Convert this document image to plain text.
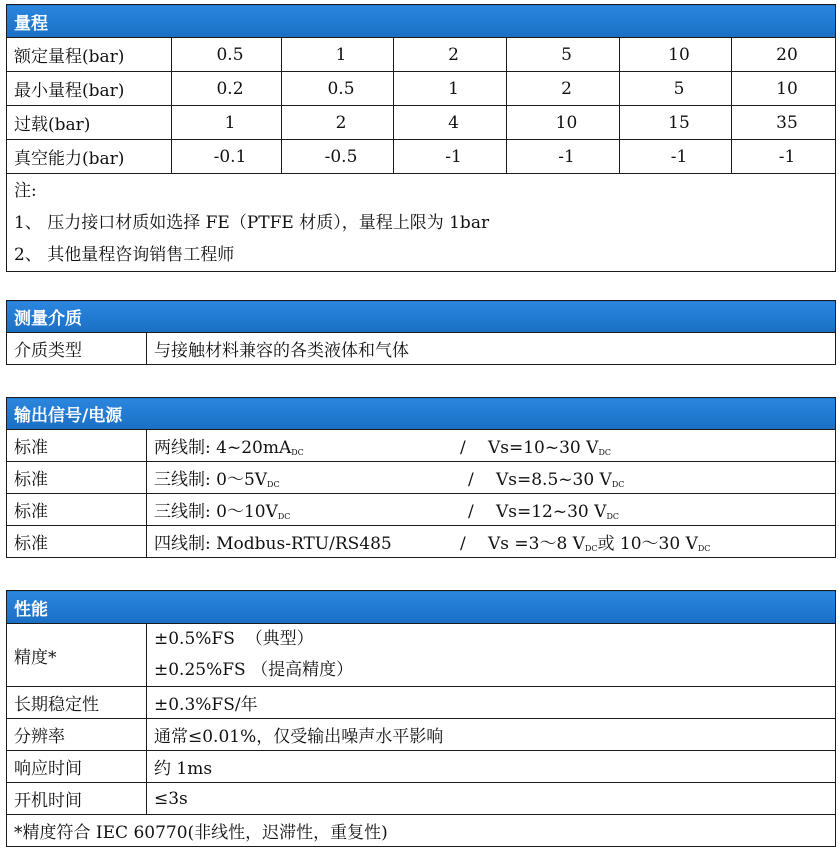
量程						
额定量程(bar)	0.5	1	2	5	10	20
最小量程(bar)	0.2	0.5	1	2	5	10
过载(bar)	1	2	4	10	15	35
真空能力(bar)	-0.1	-0.5	-1	-1	-1	-1

注:
1、 压力接口材质如选择 FE（PTFE 材质），量程上限为 1bar
2、 其他量程咨询销售工程师						
测量介质
介质类型	与接触材料兼容的各类液体和气体
输出信号/电源	
标准	两线制: $4\sim 20mA_{DC}$ / Vs=10~30 $V_{DC}$
标准	三线制: $0\sim 5V_{DC}$ / Vs=8.5~30 $V_{DC}$
标准	三线制: $0\sim 10V_{DC}$ / Vs=12~30 $V_{DC}$
标准	四线制: Modbus-RTU/RS485 / Vs =3～8 $V_{DC}$或 10～30 $V_{DC}$
性能	
精度*	±0.5%FS  （典型）
±0.25%FS （提高精度）

长期稳定性	±0.3%FS/年
分辨率	通常≤0.01%，仅受输出噪声水平影响
响应时间	约 1ms
开机时间	≤3s
*精度符合 IEC 60770(非线性，迟滞性，重复性)	
